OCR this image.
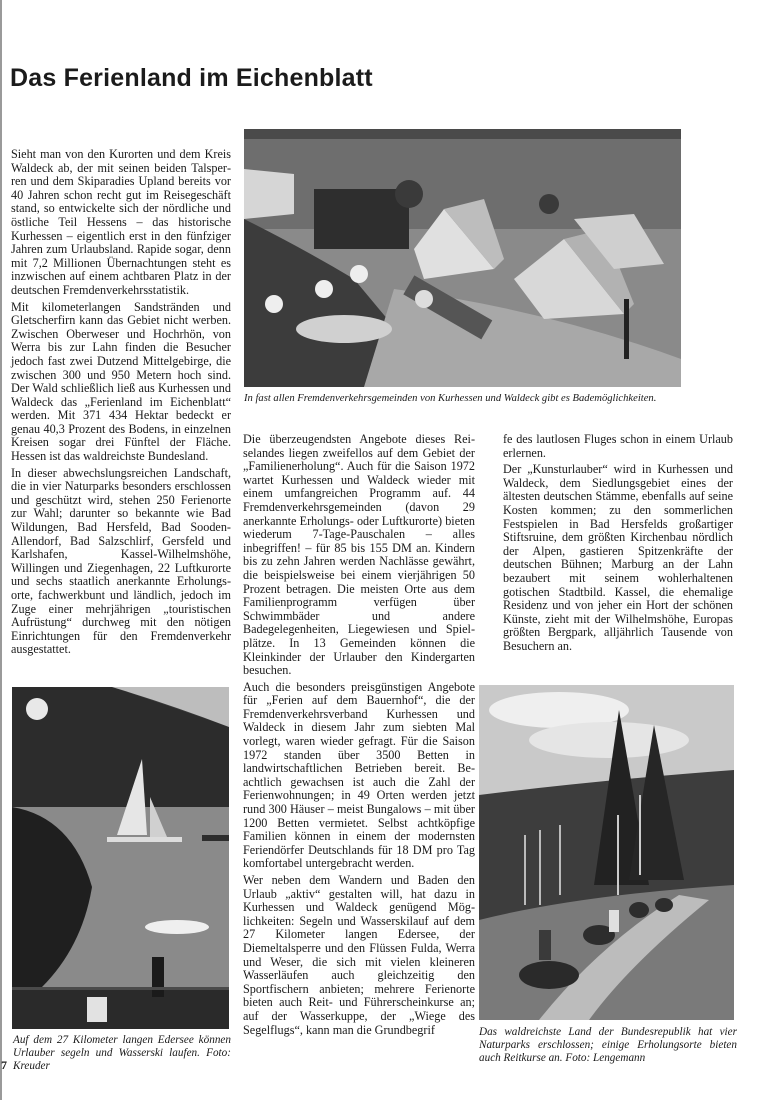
Das Ferienland im Eichenblatt

Sieht man von den Kurorten und dem Kreis Waldeck ab, der mit seinen beiden Talsperren und dem Skiparadies Upland bereits vor 40 Jahren schon recht gut im Reisegeschäft stand, so entwickelte sich der nördliche und östliche Teil Hessens – das historische Kurhessen – eigentlich erst in den fünfziger Jahren zum Urlaubsland. Rapide sogar, denn mit 7,2 Millionen Übernachtungen steht es inzwischen auf einem achtbaren Platz in der deutschen Fremdenverkehrsstatistik.

Mit kilometerlangen Sandstränden und Gletscherfirn kann das Gebiet nicht werben. Zwischen Oberweser und Hochrhön, von Werra bis zur Lahn finden die Besucher jedoch fast zwei Dutzend Mittelgebirge, die zwischen 300 und 950 Metern hoch sind. Der Wald schließlich ließ aus Kurhessen und Waldeck das „Ferienland im Eichenblatt“ werden. Mit 371 434 Hektar bedeckt er genau 40,3 Prozent des Bodens, in einzelnen Kreisen sogar drei Fünftel der Fläche. Hessen ist das waldreichste Bundesland.

In dieser abwechslungsreichen Landschaft, die in vier Naturparks besonders erschlossen und geschützt wird, stehen 250 Ferienorte zur Wahl; darunter so bekannte wie Bad Wildungen, Bad Hersfeld, Bad Sooden-Allendorf, Bad Salzschlirf, Gersfeld und Karlshafen, Kassel-Wilhelmshöhe, Willingen und Ziegenhagen, 22 Luftkurorte und sechs staatlich anerkannte Erholungsorte, fachwerkbunt und ländlich, jedoch im Zuge einer mehrjährigen „touristischen Aufrüstung“ durchweg mit den nötigen Einrichtungen für den Fremdenverkehr ausgestattet.

In fast allen Fremdenverkehrsgemeinden von Kurhessen und Waldeck gibt es Bademöglichkeiten.

Die überzeugendsten Angebote dieses Reiselandes liegen zweifellos auf dem Gebiet der „Familienerholung“. Auch für die Saison 1972 wartet Kurhessen und Waldeck wieder mit einem umfangreichen Programm auf. 44 Fremdenverkehrsgemeinden (davon 29 anerkannte Erholungs- oder Luftkurorte) bieten wiederum 7-Tage-Pauschalen – alles inbegriffen! – für 85 bis 155 DM an. Kindern bis zu zehn Jahren werden Nachlässe gewährt, die beispielsweise bei einem vierjährigen 50 Prozent betragen. Die meisten Orte aus dem Familienprogramm verfügen über Schwimmbäder und andere Badegelegenheiten, Liegewiesen und Spielplätze. In 13 Gemeinden können die Kleinkinder der Urlauber den Kindergarten besuchen.

Auch die besonders preisgünstigen Angebote für „Ferien auf dem Bauernhof“, die der Fremdenverkehrsverband Kurhessen und Waldeck in diesem Jahr zum siebten Mal vorlegt, waren wieder gefragt. Für die Saison 1972 standen über 3500 Betten in landwirtschaftlichen Betrieben bereit. Beachtlich gewachsen ist auch die Zahl der Ferienwohnungen; in 49 Orten werden jetzt rund 300 Häuser – meist Bungalows – mit über 1200 Betten vermietet. Selbst achtköpfige Familien können in einem der modernsten Feriendörfer Deutschlands für 18 DM pro Tag komfortabel untergebracht werden.

Wer neben dem Wandern und Baden den Urlaub „aktiv“ gestalten will, hat dazu in Kurhessen und Waldeck genügend Möglichkeiten: Segeln und Wasserskilauf auf dem 27 Kilometer langen Edersee, der Diemeltalsperre und den Flüssen Fulda, Werra und Weser, die sich mit vielen kleineren Wasserläufen auch gleichzeitig den Sportfischern anbieten; mehrere Ferienorte bieten auch Reit- und Führerscheinkurse an; auf der Wasserkuppe, der „Wiege des Segelflugs“, kann man die Grundbegrif

fe des lautlosen Fluges schon in einem Urlaub erlernen.

Der „Kunsturlauber“ wird in Kurhessen und Waldeck, dem Siedlungsgebiet eines der ältesten deutschen Stämme, ebenfalls auf seine Kosten kommen; zu den sommerlichen Festspielen in Bad Hersfelds großartiger Stiftsruine, dem größten Kirchenbau nördlich der Alpen, gastieren Spitzenkräfte der deutschen Bühnen; Marburg an der Lahn bezaubert mit seinem wohlerhaltenen gotischen Stadtbild. Kassel, die ehemalige Residenz und von jeher ein Hort der schönen Künste, zieht mit der Wilhelmshöhe, Europas größten Bergpark, alljährlich Tausende von Besuchern an.

Auf dem 27 Kilometer langen Edersee können Urlauber segeln und Wasserski laufen. Foto: Kreuder
7
Das waldreichste Land der Bundesrepublik hat vier Naturparks erschlossen; einige Erholungsorte bieten auch Reitkurse an. Foto: Lengemann
